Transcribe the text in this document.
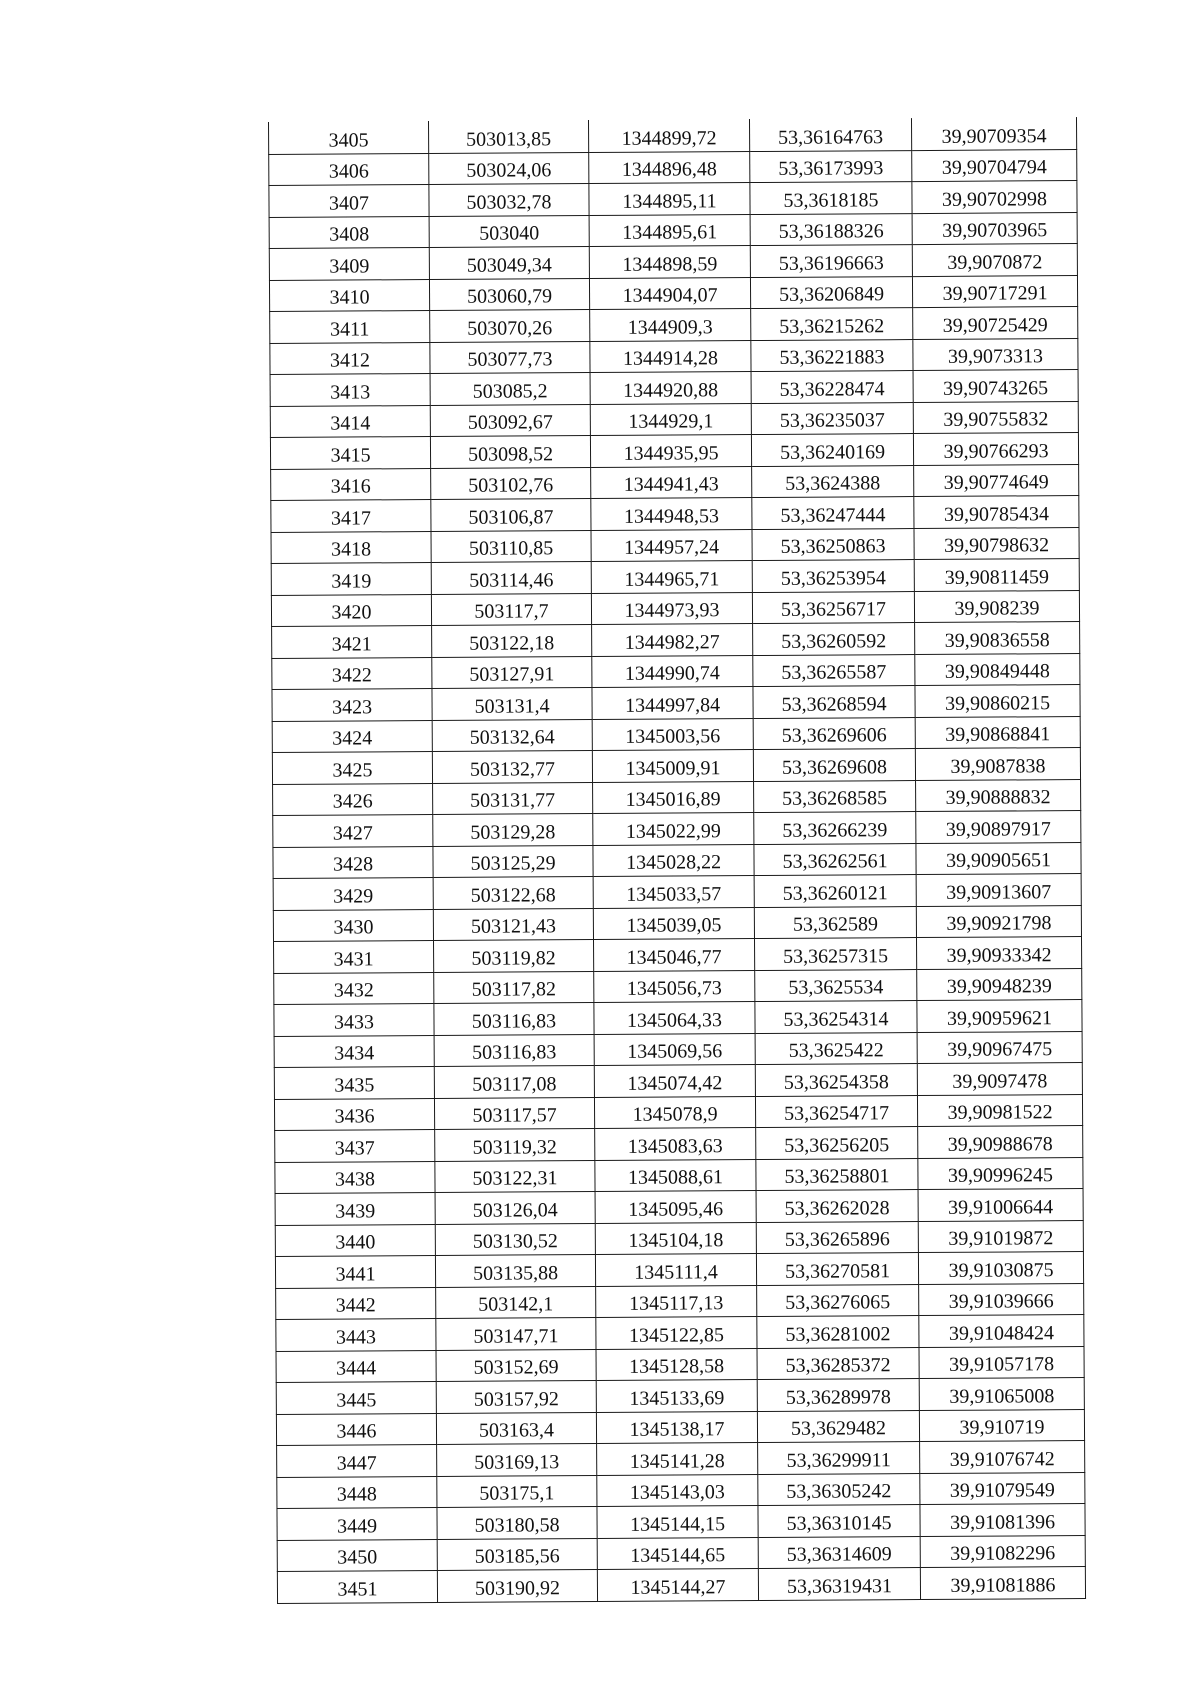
3405	503013,85	1344899,72	53,36164763	39,90709354
3406	503024,06	1344896,48	53,36173993	39,90704794
3407	503032,78	1344895,11	53,3618185	39,90702998
3408	503040	1344895,61	53,36188326	39,90703965
3409	503049,34	1344898,59	53,36196663	39,9070872
3410	503060,79	1344904,07	53,36206849	39,90717291
3411	503070,26	1344909,3	53,36215262	39,90725429
3412	503077,73	1344914,28	53,36221883	39,9073313
3413	503085,2	1344920,88	53,36228474	39,90743265
3414	503092,67	1344929,1	53,36235037	39,90755832
3415	503098,52	1344935,95	53,36240169	39,90766293
3416	503102,76	1344941,43	53,3624388	39,90774649
3417	503106,87	1344948,53	53,36247444	39,90785434
3418	503110,85	1344957,24	53,36250863	39,90798632
3419	503114,46	1344965,71	53,36253954	39,90811459
3420	503117,7	1344973,93	53,36256717	39,908239
3421	503122,18	1344982,27	53,36260592	39,90836558
3422	503127,91	1344990,74	53,36265587	39,90849448
3423	503131,4	1344997,84	53,36268594	39,90860215
3424	503132,64	1345003,56	53,36269606	39,90868841
3425	503132,77	1345009,91	53,36269608	39,9087838
3426	503131,77	1345016,89	53,36268585	39,90888832
3427	503129,28	1345022,99	53,36266239	39,90897917
3428	503125,29	1345028,22	53,36262561	39,90905651
3429	503122,68	1345033,57	53,36260121	39,90913607
3430	503121,43	1345039,05	53,362589	39,90921798
3431	503119,82	1345046,77	53,36257315	39,90933342
3432	503117,82	1345056,73	53,3625534	39,90948239
3433	503116,83	1345064,33	53,36254314	39,90959621
3434	503116,83	1345069,56	53,3625422	39,90967475
3435	503117,08	1345074,42	53,36254358	39,9097478
3436	503117,57	1345078,9	53,36254717	39,90981522
3437	503119,32	1345083,63	53,36256205	39,90988678
3438	503122,31	1345088,61	53,36258801	39,90996245
3439	503126,04	1345095,46	53,36262028	39,91006644
3440	503130,52	1345104,18	53,36265896	39,91019872
3441	503135,88	1345111,4	53,36270581	39,91030875
3442	503142,1	1345117,13	53,36276065	39,91039666
3443	503147,71	1345122,85	53,36281002	39,91048424
3444	503152,69	1345128,58	53,36285372	39,91057178
3445	503157,92	1345133,69	53,36289978	39,91065008
3446	503163,4	1345138,17	53,3629482	39,910719
3447	503169,13	1345141,28	53,36299911	39,91076742
3448	503175,1	1345143,03	53,36305242	39,91079549
3449	503180,58	1345144,15	53,36310145	39,91081396
3450	503185,56	1345144,65	53,36314609	39,91082296
3451	503190,92	1345144,27	53,36319431	39,91081886
